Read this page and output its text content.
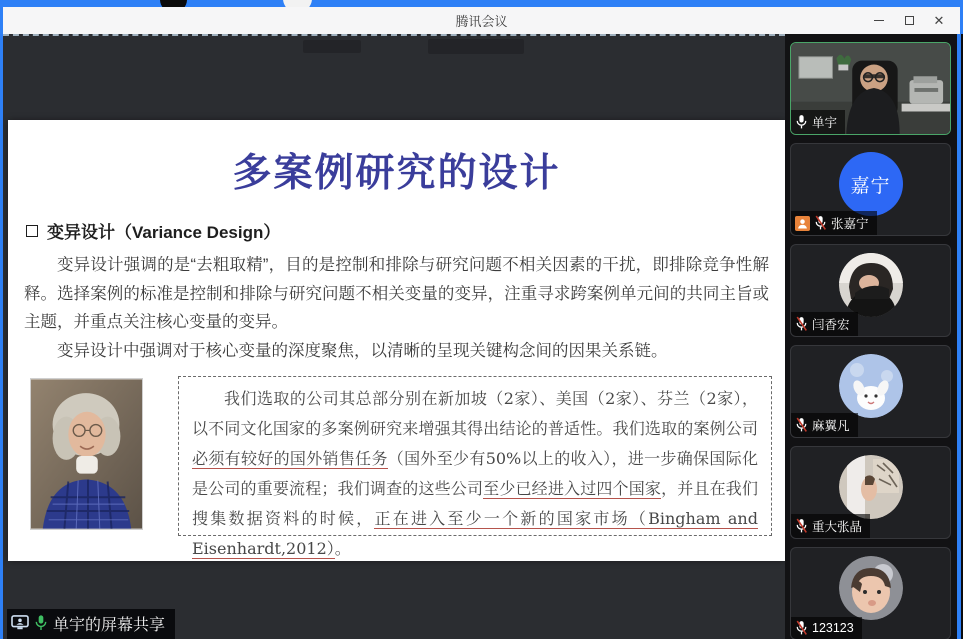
腾讯会议	✕
多案例研究的设计
变异设计（Variance Design）
变异设计强调的是“去粗取精”，目的是控制和排除与研究问题不相关因素的干扰，即排除竞争性解释。选择案例的标准是控制和排除与研究问题不相关变量的变异，注重寻求跨案例单元间的共同主旨或主题，并重点关注核心变量的变异。
变异设计中强调对于核心变量的深度聚焦，以清晰的呈现关键构念间的因果关系链。
我们选取的公司其总部分别在新加坡（2家）、美国（2家）、芬兰（2家），以不同文化国家的多案例研究来增强其得出结论的普适性。我们选取的案例公司必须有较好的国外销售任务（国外至少有50%以上的收入），进一步确保国际化是公司的重要流程；我们调查的这些公司至少已经进入过四个国家，并且在我们搜集数据资料的时候，正在进入至少一个新的国家市场（Bingham and Eisenhardt,2012）。
单宇的屏幕共享
单宇
嘉宁
张嘉宁
闫香宏
麻翼凡
重大张晶
123123
